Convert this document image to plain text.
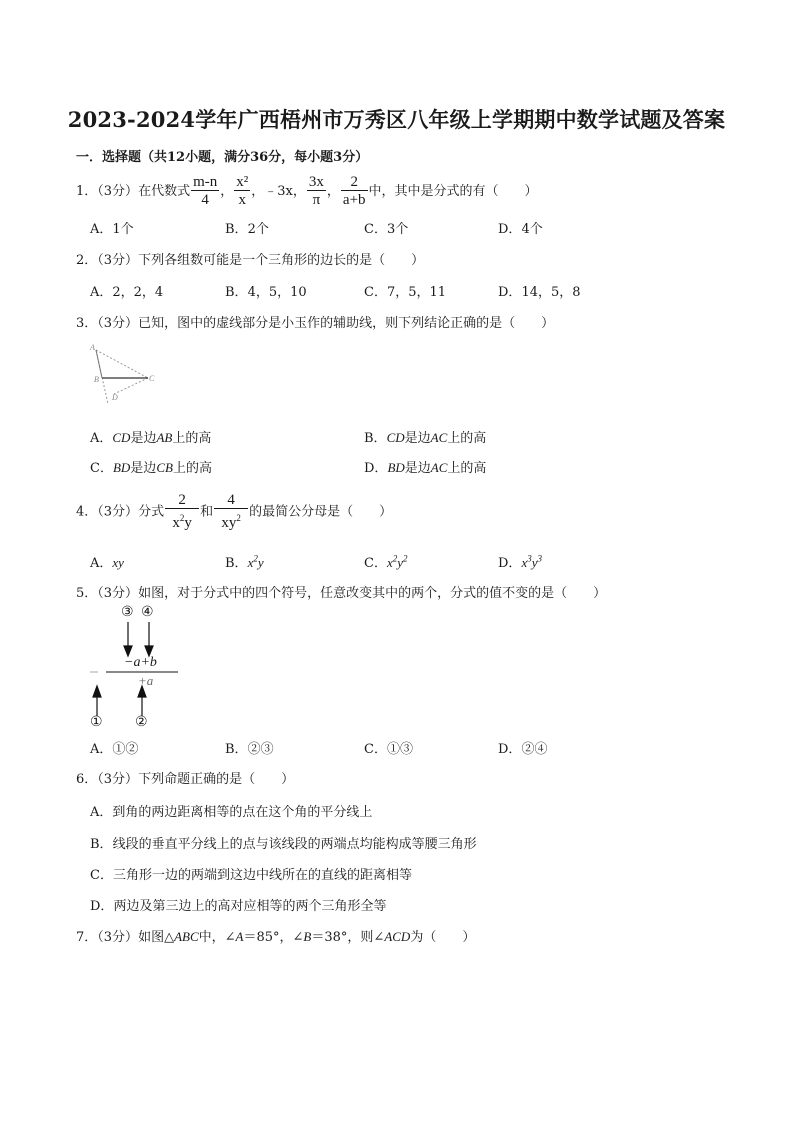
2023-2024学年广西梧州市万秀区八年级上学期期中数学试题及答案
一．选择题（共12小题，满分36分，每小题3分）
1．（3分）在代数式 $\frac{m-n}{4}$ ， $\frac{\text{x²}}{x}$ ，﹣3x， $\frac{3x}{\pi}$ ， $\frac{2}{a+b}$ 中，其中是分式的有（　　）
A．1个	B．2个	C．3个	D．4个
2．（3分）下列各组数可能是一个三角形的边长的是（　　）
A．2，2，4	B．4，5，10	C．7，5，11	D．14，5，8
3．（3分）已知，图中的虚线部分是小玉作的辅助线，则下列结论正确的是（　　）
A
B	C
D
A．CD是边AB上的高	B．CD是边AC上的高
C．BD是边CB上的高	D．BD是边AC上的高
4．（3分）分式 $\frac{2}{x^2y}$ 和 $\frac{4}{xy^2}$ 的最简公分母是（　　）
A．xy	B．$x^2y$	C．$x^2y^2$	D．$x^3y^3$
5．（3分）如图，对于分式中的四个符号，任意改变其中的两个，分式的值不变的是（　　）
③ ④
−a+b
+a
① ②
A．①②	B．②③	C．①③	D．②④
6．（3分）下列命题正确的是（　　）
A．到角的两边距离相等的点在这个角的平分线上
B．线段的垂直平分线上的点与该线段的两端点均能构成等腰三角形
C．三角形一边的两端到这边中线所在的直线的距离相等
D．两边及第三边上的高对应相等的两个三角形全等
7．（3分）如图△ABC中，∠A＝85°，∠B＝38°，则∠ACD为（　　）
